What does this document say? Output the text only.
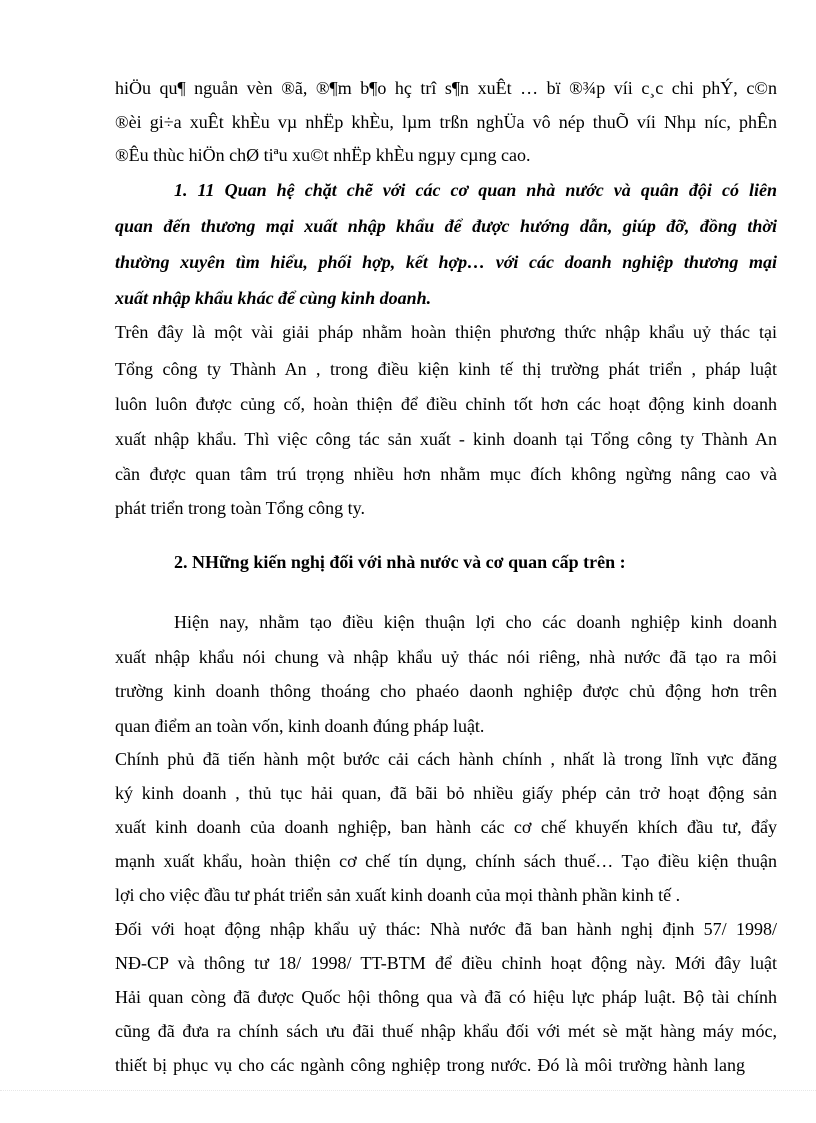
hiÖu qu¶ nguån vèn ®ã, ®¶m b¶o hç trî s¶n xuÊt … bï ®¾p víi c¸c chi phÝ, c©n
®èi gi÷a xuÊt khÈu vµ nhËp khÈu, lµm trßn nghÜa vô nép thuÕ víi Nhµ níc, phÊn
®Êu thùc hiÖn chØ tiªu xu©t nhËp khÈu ngµy cµng cao.
1. 11 Quan hệ chặt chẽ với các cơ quan nhà nước và quân đội có liên
quan đến thương mại xuất nhập khẩu để được hướng dẫn, giúp đỡ, đồng thời
thường xuyên tìm hiểu, phối hợp, kết hợp… với các doanh nghiệp thương mại
xuất nhập khẩu khác để cùng kinh doanh.
Trên đây là một vài giải pháp nhằm hoàn thiện phương thức nhập khẩu uỷ thác tại
Tổng công ty Thành An , trong điều kiện kinh tế thị trường phát triển , pháp luật
luôn luôn được củng cố, hoàn thiện để điều chỉnh tốt hơn các hoạt động kinh doanh
xuất nhập khẩu. Thì việc công tác sản xuất - kinh doanh tại Tổng công ty Thành An
cần được quan tâm trú trọng nhiều hơn nhằm mục đích không ngừng nâng cao và
phát triển trong toàn Tổng công ty.
2. NHững kiến nghị đối với nhà nước và cơ quan cấp trên :
Hiện nay, nhằm tạo điều kiện thuận lợi cho các doanh nghiệp kinh doanh
xuất nhập khẩu nói chung và nhập khẩu uỷ thác nói riêng, nhà nước đã tạo ra môi
trường kinh doanh thông thoáng cho phaéo daonh nghiệp được chủ động hơn trên
quan điểm an toàn vốn, kinh doanh đúng pháp luật.
Chính phủ đã tiến hành một bước cải cách hành chính , nhất là trong lĩnh vực đăng
ký kinh doanh , thủ tục hải quan, đã bãi bỏ nhiều giấy phép cản trở hoạt động sản
xuất kinh doanh của doanh nghiệp, ban hành các cơ chế khuyến khích đầu tư, đẩy
mạnh xuất khẩu, hoàn thiện cơ chế tín dụng, chính sách thuế… Tạo điều kiện thuận
lợi cho việc đầu tư phát triển sản xuất kinh doanh của mọi thành phần kinh tế .
Đối với hoạt động nhập khẩu uỷ thác: Nhà nước đã ban hành nghị định 57/ 1998/
NĐ-CP và thông tư 18/ 1998/ TT-BTM để điều chỉnh hoạt động này. Mới đây luật
Hải quan còng đã được Quốc hội thông qua và đã có hiệu lực pháp luật. Bộ tài chính
cũng đã đưa ra chính sách ưu đãi thuế nhập khẩu đối với mét sè mặt hàng máy móc,
thiết bị phục vụ cho các ngành công nghiệp trong nước. Đó là môi trường hành lang
